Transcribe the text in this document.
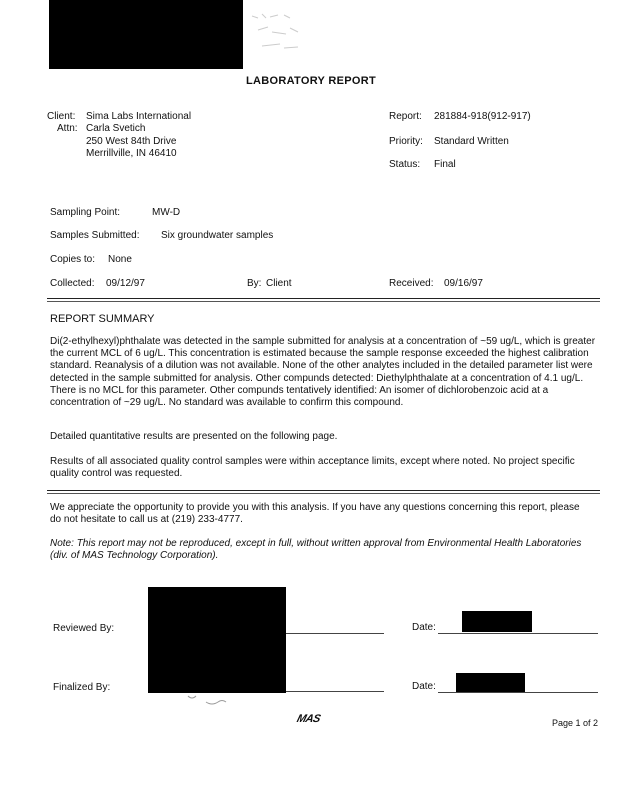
LABORATORY REPORT
Client: Sima Labs International
Attn: Carla Svetich
250 West 84th Drive
Merrillville, IN 46410
Report: 281884-918(912-917)
Priority: Standard Written
Status: Final
Sampling Point:	MW-D
Samples Submitted: Six groundwater samples
Copies to: None
Collected: 09/12/97	By: Client	Received: 09/16/97
REPORT SUMMARY
Di(2-ethylhexyl)phthalate was detected in the sample submitted for analysis at a concentration of ~59 ug/L, which is greater the current MCL of 6 ug/L. This concentration is estimated because the sample response exceeded the highest calibration standard. Reanalysis of a dilution was not available. None of the other analytes included in the detailed parameter list were detected in the sample submitted for analysis. Other compunds detected: Diethylphthalate at a concentration of 4.1 ug/L. There is no MCL for this parameter. Other compunds tentatively identified: An isomer of dichlorobenzoic acid at a concentration of ~29 ug/L. No standard was available to confirm this compound.
Detailed quantitative results are presented on the following page.
Results of all associated quality control samples were within acceptance limits, except where noted. No project specific quality control was requested.
We appreciate the opportunity to provide you with this analysis. If you have any questions concerning this report, please do not hesitate to call us at (219) 233-4777.
Note: This report may not be reproduced, except in full, without written approval from Environmental Health Laboratories (div. of MAS Technology Corporation).
Reviewed By:	Date:
Finalized By:	Date:
MAS	Page 1 of 2
